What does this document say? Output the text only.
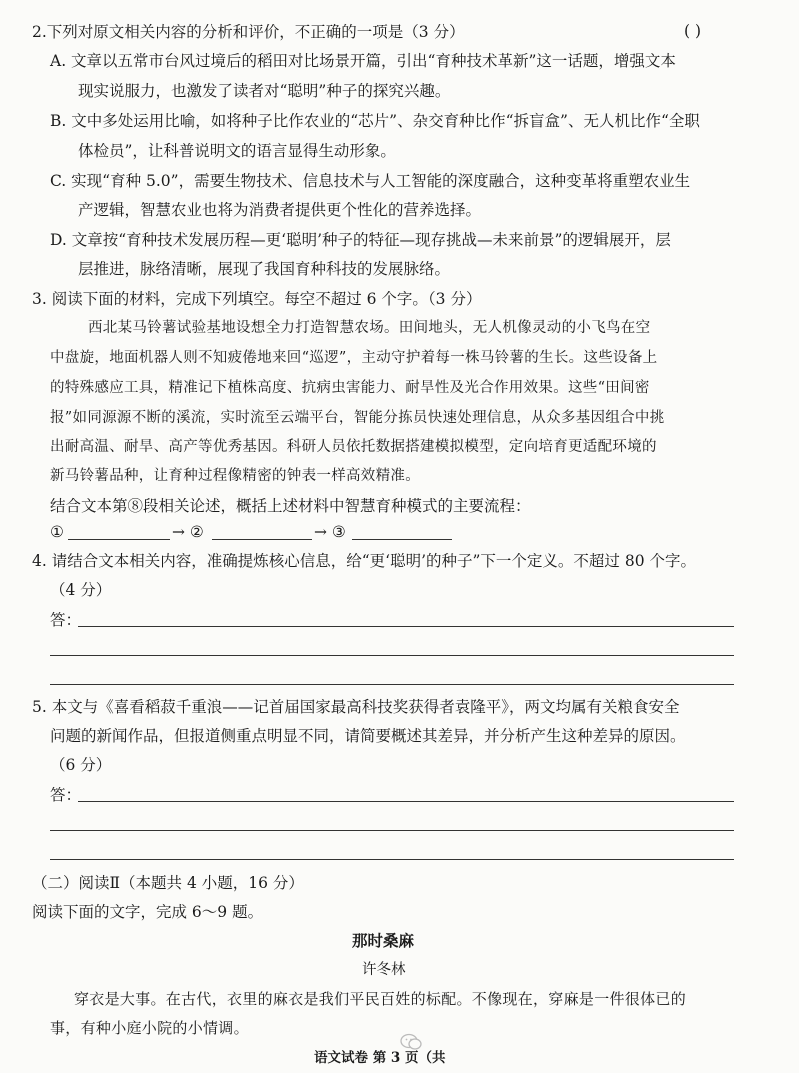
2.下列对原文相关内容的分析和评价，不正确的一项是（3 分）	( )
A. 文章以五常市台风过境后的稻田对比场景开篇，引出“育种技术革新”这一话题，增强文本
现实说服力，也激发了读者对“聪明”种子的探究兴趣。
B. 文中多处运用比喻，如将种子比作农业的“芯片”、杂交育种比作“拆盲盒”、无人机比作“全职
体检员”，让科普说明文的语言显得生动形象。
C. 实现“育种 5.0”，需要生物技术、信息技术与人工智能的深度融合，这种变革将重塑农业生
产逻辑，智慧农业也将为消费者提供更个性化的营养选择。
D. 文章按“育种技术发展历程—更‘聪明’种子的特征—现存挑战—未来前景”的逻辑展开，层
层推进，脉络清晰，展现了我国育种科技的发展脉络。
3. 阅读下面的材料，完成下列填空。每空不超过 6 个字。（3 分）
西北某马铃薯试验基地设想全力打造智慧农场。田间地头，无人机像灵动的小飞鸟在空
中盘旋，地面机器人则不知疲倦地来回“巡逻”，主动守护着每一株马铃薯的生长。这些设备上
的特殊感应工具，精准记下植株高度、抗病虫害能力、耐旱性及光合作用效果。这些“田间密
报”如同源源不断的溪流，实时流至云端平台，智能分拣员快速处理信息，从众多基因组合中挑
出耐高温、耐旱、高产等优秀基因。科研人员依托数据搭建模拟模型，定向培育更适配环境的
新马铃薯品种，让育种过程像精密的钟表一样高效精准。
结合文本第⑧段相关论述，概括上述材料中智慧育种模式的主要流程：
①	→ ②	→ ③
4. 请结合文本相关内容，准确提炼核心信息，给“更‘聪明’的种子”下一个定义。不超过 80 个字。
（4 分）
答：
5. 本文与《喜看稻菽千重浪——记首届国家最高科技奖获得者袁隆平》，两文均属有关粮食安全
问题的新闻作品，但报道侧重点明显不同，请简要概述其差异，并分析产生这种差异的原因。
（6 分）
答：
（二）阅读Ⅱ（本题共 4 小题，16 分）
阅读下面的文字，完成 6～9 题。
那时桑麻
许冬林
穿衣是大事。在古代，衣里的麻衣是我们平民百姓的标配。不像现在，穿麻是一件很体已的
事，有种小庭小院的小情调。
语文试卷 第 3 页（共
